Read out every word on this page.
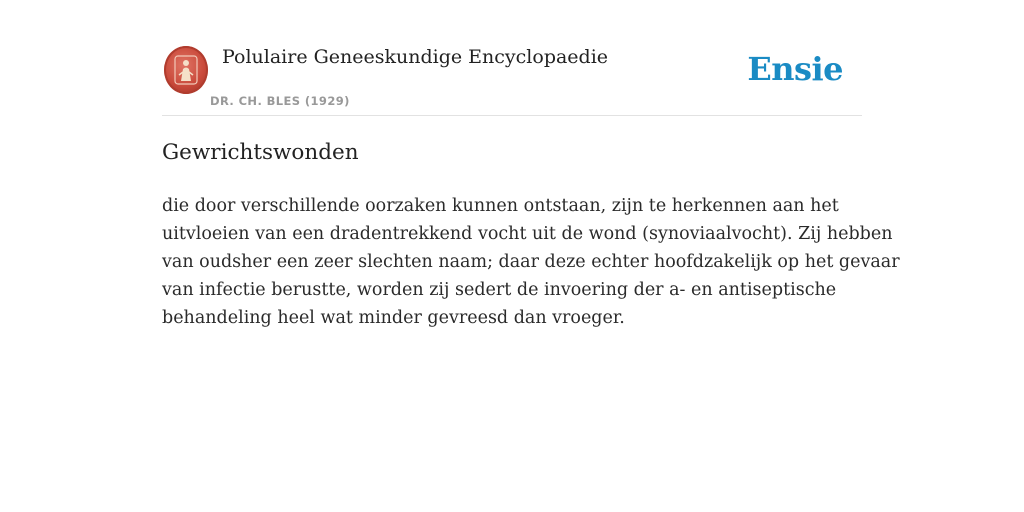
Polulaire Geneeskundige Encyclopaedie
DR. CH. BLES (1929)
Ensie
Gewrichtswonden

die door verschillende oorzaken kunnen ontstaan, zijn te herkennen aan het
uitvloeien van een dradentrekkend vocht uit de wond (synoviaalvocht). Zij hebben
van oudsher een zeer slechten naam; daar deze echter hoofdzakelijk op het gevaar
van infectie berustte, worden zij sedert de invoering der a- en antiseptische
behandeling heel wat minder gevreesd dan vroeger.
